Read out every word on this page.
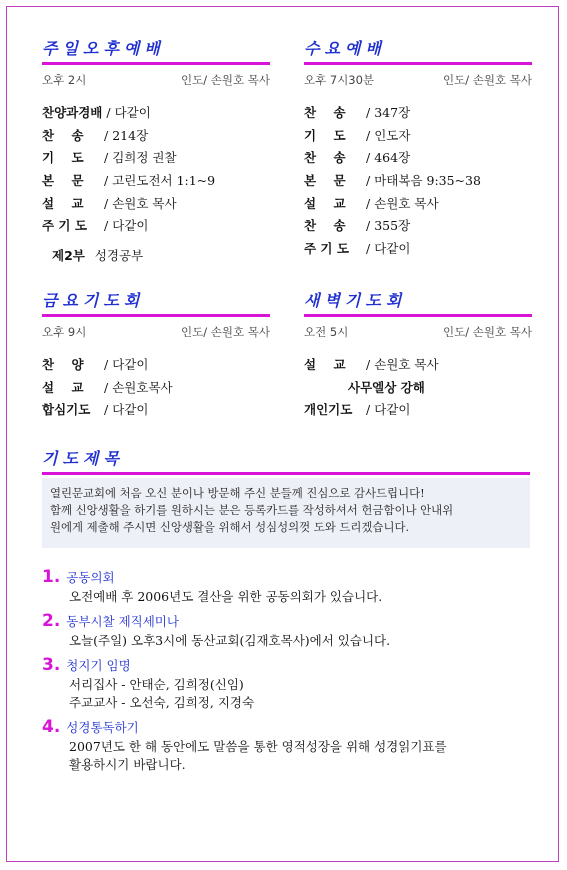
주일오후예배
오후 2시	인도/ 손원호 목사
찬양과경배 / 다같이
찬    송 / 214장
기    도 / 김희정 권찰
본    문 / 고린도전서 1:1~9
설    교 / 손원호 목사
주 기 도 / 다같이
제2부 성경공부
수요예배
오후 7시30분	인도/ 손원호 목사
찬    송 / 347장
기    도 / 인도자
찬    송 / 464장
본    문 / 마태복음 9:35~38
설    교 / 손원호 목사
찬    송 / 355장
주 기 도 / 다같이
금요기도회
오후 9시	인도/ 손원호 목사
찬    양 / 다같이
설    교 / 손원호목사
합심기도 / 다같이
새벽기도회
오전 5시	인도/ 손원호 목사
설    교 / 손원호 목사
사무엘상 강해
개인기도 / 다같이
기도제목
열린문교회에 처음 오신 분이나 방문해 주신 분들께 진심으로 감사드립니다!
함께 신앙생활을 하기를 원하시는 분은 등록카드를 작성하셔서 헌금함이나 안내위
원에게 제출해 주시면 신앙생활을 위해서 성심성의껏 도와 드리겠습니다.
1. 공동의회
오전예배 후 2006년도 결산을 위한 공동의회가 있습니다.
2. 동부시찰 제직세미나
오늘(주일) 오후3시에 동산교회(김재호목사)에서 있습니다.
3. 청지기 임명
서리집사 - 안태순, 김희정(신임)
주교교사 - 오선숙, 김희정, 지경숙
4. 성경통독하기
2007년도 한 해 동안에도 말씀을 통한 영적성장을 위해 성경읽기표를
활용하시기 바랍니다.
